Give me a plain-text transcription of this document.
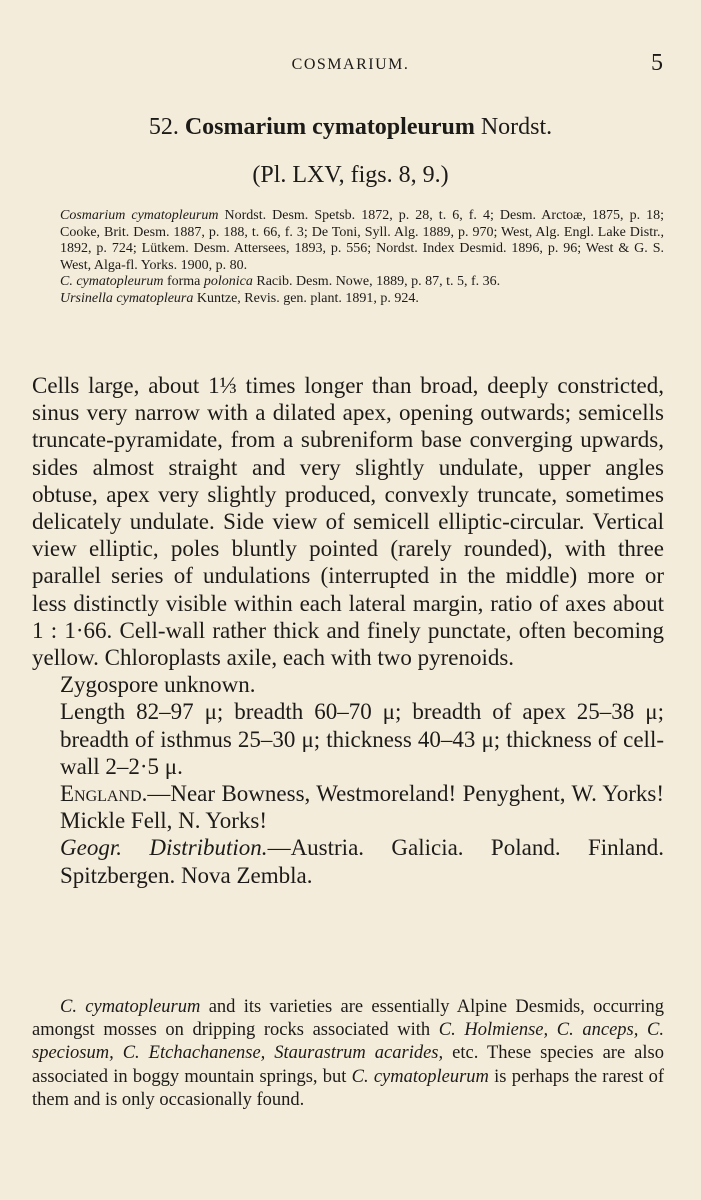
COSMARIUM.	5
52. Cosmarium cymatopleurum Nordst.
(Pl. LXV, figs. 8, 9.)
Cosmarium cymatopleurum Nordst. Desm. Spetsb. 1872, p. 28, t. 6, f. 4; Desm. Arctoæ, 1875, p. 18; Cooke, Brit. Desm. 1887, p. 188, t. 66, f. 3; De Toni, Syll. Alg. 1889, p. 970; West, Alg. Engl. Lake Distr., 1892, p. 724; Lütkem. Desm. Attersees, 1893, p. 556; Nordst. Index Desmid. 1896, p. 96; West & G. S. West, Alga-fl. Yorks. 1900, p. 80.
C. cymatopleurum forma polonica Racib. Desm. Nowe, 1889, p. 87, t. 5, f. 36.
Ursinella cymatopleura Kuntze, Revis. gen. plant. 1891, p. 924.
Cells large, about 1⅓ times longer than broad, deeply constricted, sinus very narrow with a dilated apex, opening outwards; semicells truncate-pyramidate, from a subreniform base converging upwards, sides almost straight and very slightly undulate, upper angles obtuse, apex very slightly produced, convexly truncate, sometimes delicately undulate. Side view of semicell elliptic-circular. Vertical view elliptic, poles bluntly pointed (rarely rounded), with three parallel series of undulations (interrupted in the middle) more or less distinctly visible within each lateral margin, ratio of axes about 1 : 1·66. Cell-wall rather thick and finely punctate, often becoming yellow. Chloroplasts axile, each with two pyrenoids.
Zygospore unknown.
Length 82–97 μ; breadth 60–70 μ; breadth of apex 25–38 μ; breadth of isthmus 25–30 μ; thickness 40–43 μ; thickness of cell-wall 2–2·5 μ.
England.—Near Bowness, Westmoreland! Penyghent, W. Yorks! Mickle Fell, N. Yorks!
Geogr. Distribution.—Austria. Galicia. Poland. Finland. Spitzbergen. Nova Zembla.

C. cymatopleurum and its varieties are essentially Alpine Desmids, occurring amongst mosses on dripping rocks associated with C. Holmiense, C. anceps, C. speciosum, C. Etchachanense, Staurastrum acarides, etc. These species are also associated in boggy mountain springs, but C. cymatopleurum is perhaps the rarest of them and is only occasionally found.
